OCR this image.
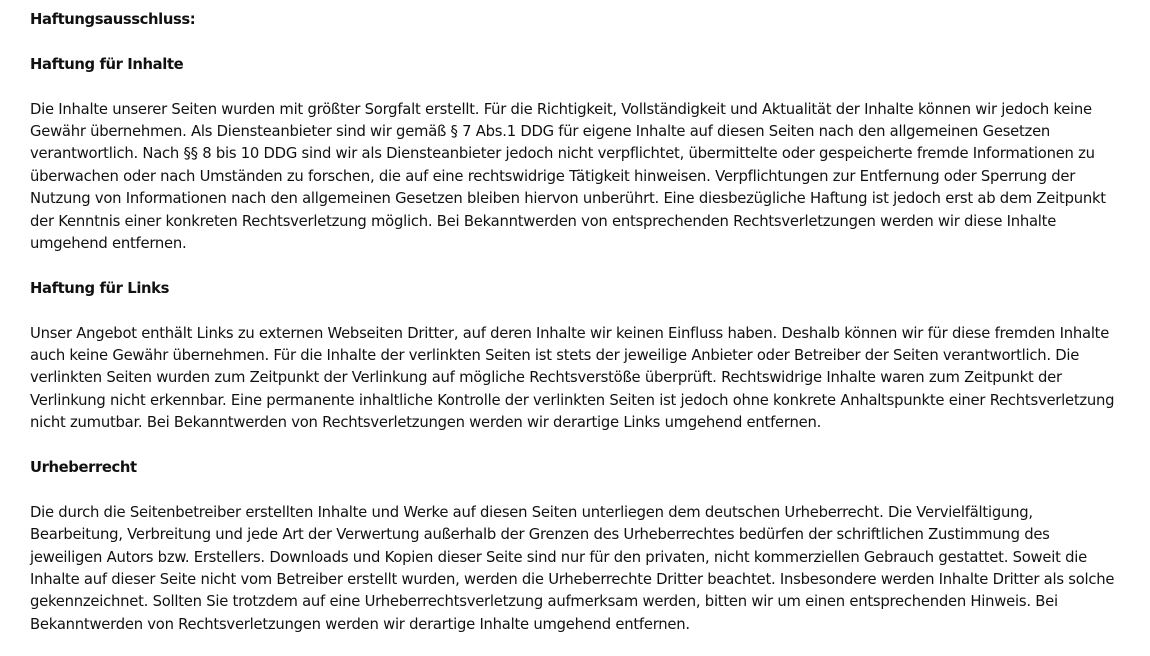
Haftungsausschluss:

Haftung für Inhalte

Die Inhalte unserer Seiten wurden mit größter Sorgfalt erstellt. Für die Richtigkeit, Vollständigkeit und Aktualität der Inhalte können wir jedoch keine Gewähr übernehmen. Als Diensteanbieter sind wir gemäß § 7 Abs.1 DDG für eigene Inhalte auf diesen Seiten nach den allgemeinen Gesetzen verantwortlich. Nach §§ 8 bis 10 DDG sind wir als Diensteanbieter jedoch nicht verpflichtet, übermittelte oder gespeicherte fremde Informationen zu überwachen oder nach Umständen zu forschen, die auf eine rechtswidrige Tätigkeit hinweisen. Verpflichtungen zur Entfernung oder Sperrung der Nutzung von Informationen nach den allgemeinen Gesetzen bleiben hiervon unberührt. Eine diesbezügliche Haftung ist jedoch erst ab dem Zeitpunkt der Kenntnis einer konkreten Rechtsverletzung möglich. Bei Bekanntwerden von entsprechenden Rechtsverletzungen werden wir diese Inhalte umgehend entfernen.

Haftung für Links

Unser Angebot enthält Links zu externen Webseiten Dritter, auf deren Inhalte wir keinen Einfluss haben. Deshalb können wir für diese fremden Inhalte auch keine Gewähr übernehmen. Für die Inhalte der verlinkten Seiten ist stets der jeweilige Anbieter oder Betreiber der Seiten verantwortlich. Die verlinkten Seiten wurden zum Zeitpunkt der Verlinkung auf mögliche Rechtsverstöße überprüft. Rechtswidrige Inhalte waren zum Zeitpunkt der Verlinkung nicht erkennbar. Eine permanente inhaltliche Kontrolle der verlinkten Seiten ist jedoch ohne konkrete Anhaltspunkte einer Rechtsverletzung nicht zumutbar. Bei Bekanntwerden von Rechtsverletzungen werden wir derartige Links umgehend entfernen.

Urheberrecht

Die durch die Seitenbetreiber erstellten Inhalte und Werke auf diesen Seiten unterliegen dem deutschen Urheberrecht. Die Vervielfältigung, Bearbeitung, Verbreitung und jede Art der Verwertung außerhalb der Grenzen des Urheberrechtes bedürfen der schriftlichen Zustimmung des jeweiligen Autors bzw. Erstellers. Downloads und Kopien dieser Seite sind nur für den privaten, nicht kommerziellen Gebrauch gestattet. Soweit die Inhalte auf dieser Seite nicht vom Betreiber erstellt wurden, werden die Urheberrechte Dritter beachtet. Insbesondere werden Inhalte Dritter als solche gekennzeichnet. Sollten Sie trotzdem auf eine Urheberrechtsverletzung aufmerksam werden, bitten wir um einen entsprechenden Hinweis. Bei Bekanntwerden von Rechtsverletzungen werden wir derartige Inhalte umgehend entfernen.
